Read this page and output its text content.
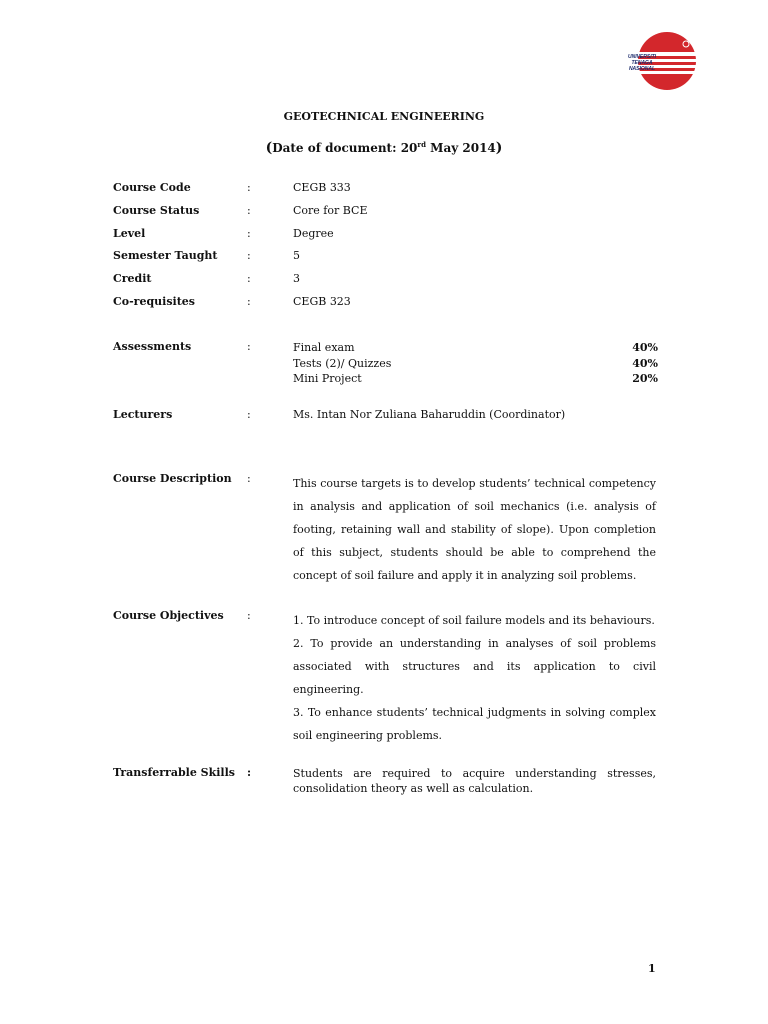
UNIVERSITI
TENAGA
NASIONAL
GEOTECHNICAL ENGINEERING
(Date of document: 20rd May 2014)
Course Code	:	CEGB 333
Course Status	:	Core for BCE
Level	:	Degree
Semester Taught	:	5
Credit	:	3
Co-requisites	:	CEGB 323
Assessments	:	Final exam	40%
Tests (2)/ Quizzes	40%
Mini Project	20%
Lecturers	:	Ms. Intan Nor Zuliana Baharuddin (Coordinator)
Course Description :	This course targets is to develop students’ technical competency in analysis and application of soil mechanics (i.e. analysis of footing, retaining wall and stability of slope). Upon completion of this subject, students should be able to comprehend the concept of soil failure and apply it in analyzing soil problems.
Course Objectives :	1. To introduce concept of soil failure models and its behaviours.
2. To provide an understanding in analyses of soil problems associated with structures and its application to civil engineering.
3. To enhance students’ technical judgments in solving complex soil engineering problems.
Transferrable Skills :	Students are required to acquire understanding stresses, consolidation theory as well as calculation.
1
